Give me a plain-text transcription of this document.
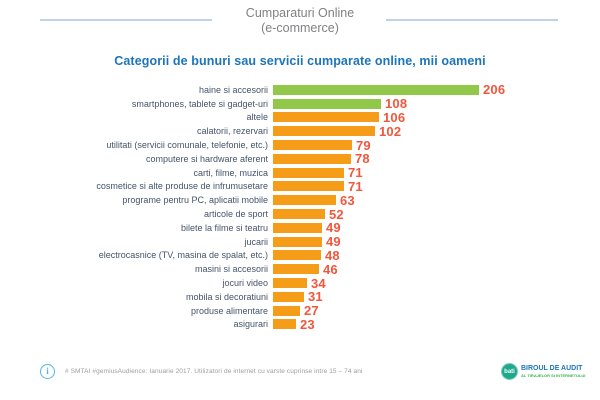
Cumparaturi Online
(e-commerce)
Categorii de bunuri sau servicii cumparate online, mii oameni
haine si accesorii	206
smartphones, tablete si gadget-uri	108
altele	106
calatorii, rezervari	102
utilitati (servicii comunale, telefonie, etc.)	79
computere si hardware aferent	78
carti, filme, muzica	71
cosmetice si alte produse de infrumusetare	71
programe pentru PC, aplicatii mobile	63
articole de sport	52
bilete la filme si teatru	49
jucarii	49
electrocasnice (TV, masina de spalat, etc.)	48
masini si accesorii	46
jocuri video	34
mobila si decoratiuni	31
produse alimentare	27
asigurari	23
i	# SMTAI #gemiusAudience: Ianuarie 2017. Utilizatori de internet cu varste cuprinse intre 15 – 74 ani	bati
BIROUL DE AUDIT
AL TIRAJELOR SI INTERNETULUI
